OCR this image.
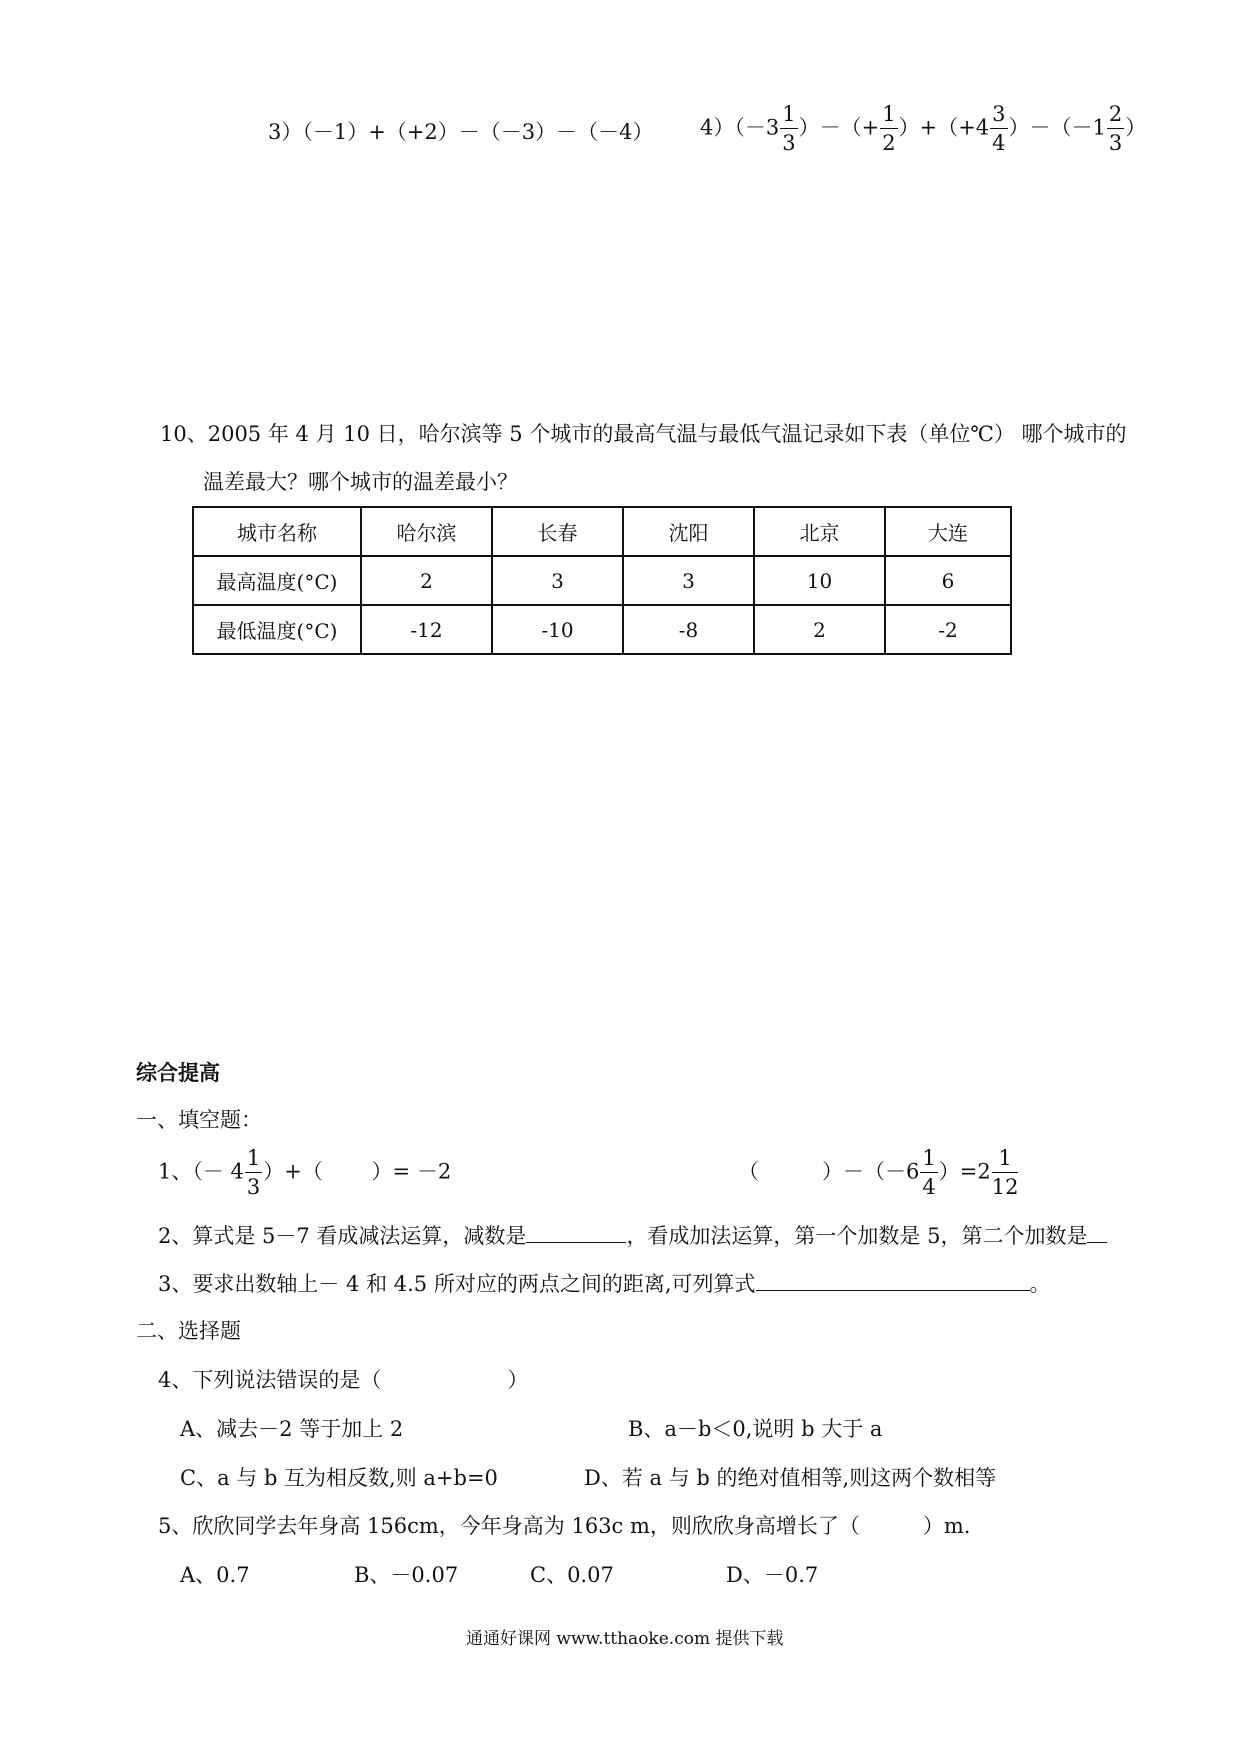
3）（－1）+（+2）－（－3）－（－4） $4)(-3 \frac{1}{3}$ ）－（+ $\frac{1}{2} )+(+4 \frac{3}{4} )-(-1 \frac{2}{3}$ ）
10、2005 年 4 月 10 日，哈尔滨等 5 个城市的最高气温与最低气温记录如下表（单位℃） 哪个城市的
温差最大？哪个城市的温差最小？
城市名称	哈尔滨	长春	沈阳	北京	大连
最高温度(°C)	2	3	3	10	6
最低温度(°C)	-12	-10	-8	2	-2
综合提高
一、填空题：
1、（－ $4 \frac{1}{3}$ ）+（　　 ）= －2	（　　　）$-(-6 \frac{1}{4} )=2 \frac{1}{12}$
2、算式是 5－7 看成减法运算，减数是	，看成加法运算，第一个加数是 5，第二个加数是
3、要求出数轴上－ 4 和 4.5 所对应的两点之间的距离,可列算式	。
二、选择题
4、下列说法错误的是（　　　　　　）
A、减去－2 等于加上 2	B、a－b＜0,说明 b 大于 a
C、a 与 b 互为相反数,则 a+b=0	D、若 a 与 b 的绝对值相等,则这两个数相等
5、欣欣同学去年身高 156cm，今年身高为 163c m，则欣欣身高增长了（　　　）m.
A、0.7	B、－0.07	C、0.07	D、－0.7
通通好课网 www.tthaoke.com 提供下载
